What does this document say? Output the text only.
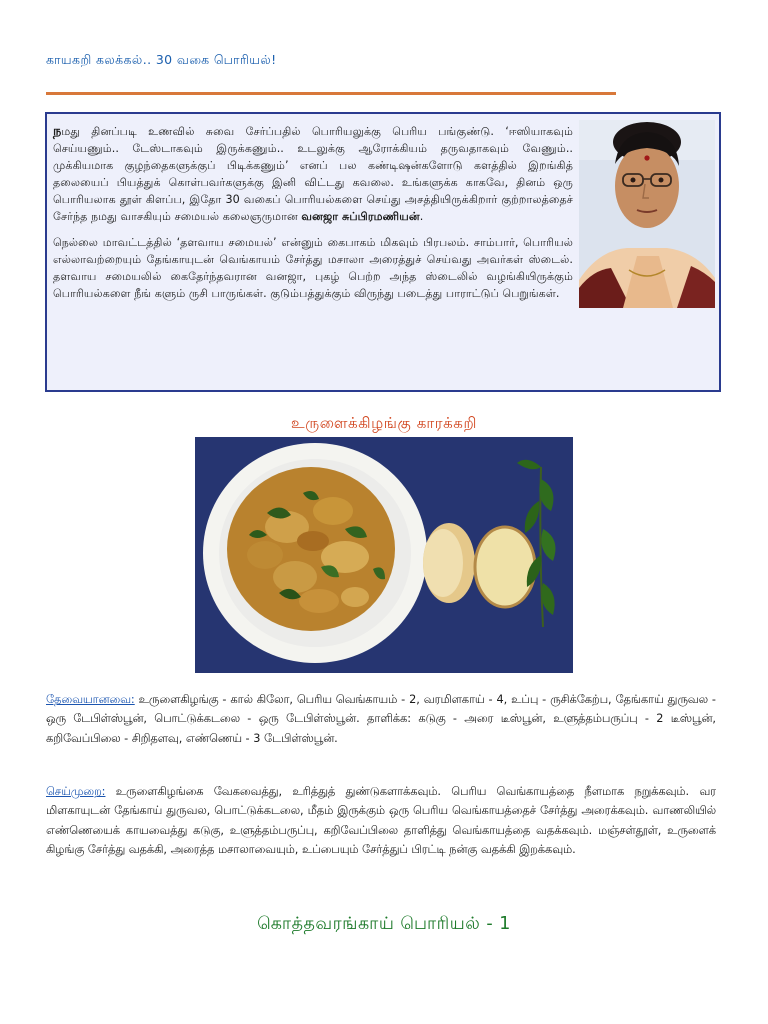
காயகறி கலக்கல்.. 30 வகை பொரியல்!

நமது தினப்படி உணவில் சுவை சேர்ப்பதில் பொரியலுக்கு பெரிய பங்குண்டு. ‘ஈஸியாகவும் செய்யணும்.. டேஸ்டாகவும் இருக்கணும்.. உடலுக்கு ஆரோக்கியம் தருவதாகவும் வேணும்.. முக்கியமாக குழந்தைகளுக்குப் பிடிக்கணும்’ எனப் பல கண்டிஷன்களோடு களத்தில் இறங்கித் தலையைப் பியத்துக் கொள்பவர்களுக்கு இனி விட்டது கவலை. உங்களுக்க காகவே, தினம் ஒரு பொரியலாக தூள் கிளப்ப, இதோ 30 வகைப் பொரியல்களை செய்து அசத்தியிருக்கிறார் குற்றாலத்தைச் சேர்ந்த நமது வாசகியும் சமையல் கலைஞருமான வனஜா சுப்பிரமணியன்.

நெல்லை மாவட்டத்தில் ‘தளவாய சமையல்’ என்னும் கைபாகம் மிகவும் பிரபலம். சாம்பார், பொரியல் எல்லாவற்றையும் தேங்காயுடன் வெங்காயம் சேர்த்து மசாலா அரைத்துச் செய்வது அவர்கள் ஸ்டைல். தளவாய சமையலில் கைதேர்ந்தவரான வனஜா, புகழ் பெற்ற அந்த ஸ்டைலில் வழங்கியிருக்கும் பொரியல்களை நீங் களும் ருசி பாருங்கள். குடும்பத்துக்கும் விருந்து படைத்து பாராட்டுப் பெறுங்கள்.

உருளைக்கிழங்கு காரக்கறி
தேவையானவை: உருளைகிழங்கு - கால் கிலோ, பெரிய வெங்காயம் - 2, வரமிளகாய் - 4, உப்பு - ருசிக்கேற்ப, தேங்காய் துருவல - ஒரு டேபிள்ஸ்பூன், பொட்டுக்கடலை - ஒரு டேபிள்ஸ்பூன். தாளிக்க: கடுகு - அரை டீஸ்பூன், உளுத்தம்பருப்பு - 2 டீஸ்பூன், கறிவேப்பிலை - சிறிதளவு, எண்ணெய் - 3 டேபிள்ஸ்பூன்.
செய்முறை: உருளைகிழங்கை வேகவைத்து, உரித்துத் துண்டுகளாக்கவும். பெரிய வெங்காயத்தை நீளமாக நறுக்கவும். வர மிளகாயுடன் தேங்காய் துருவல, பொட்டுக்கடலை, மீதம் இருக்கும் ஒரு பெரிய வெங்காயத்தைச் சேர்த்து அரைக்கவும். வாணலியில் எண்ணெயைக் காயவைத்து கடுகு, உளுத்தம்பருப்பு, கறிவேப்பிலை தாளித்து வெங்காயத்தை வதக்கவும். மஞ்சள்தூள், உருளைக் கிழங்கு சேர்த்து வதக்கி, அரைத்த மசாலாவையும், உப்பையும் சேர்த்துப் பிரட்டி நன்கு வதக்கி இறக்கவும்.
கொத்தவரங்காய் பொரியல் - 1
